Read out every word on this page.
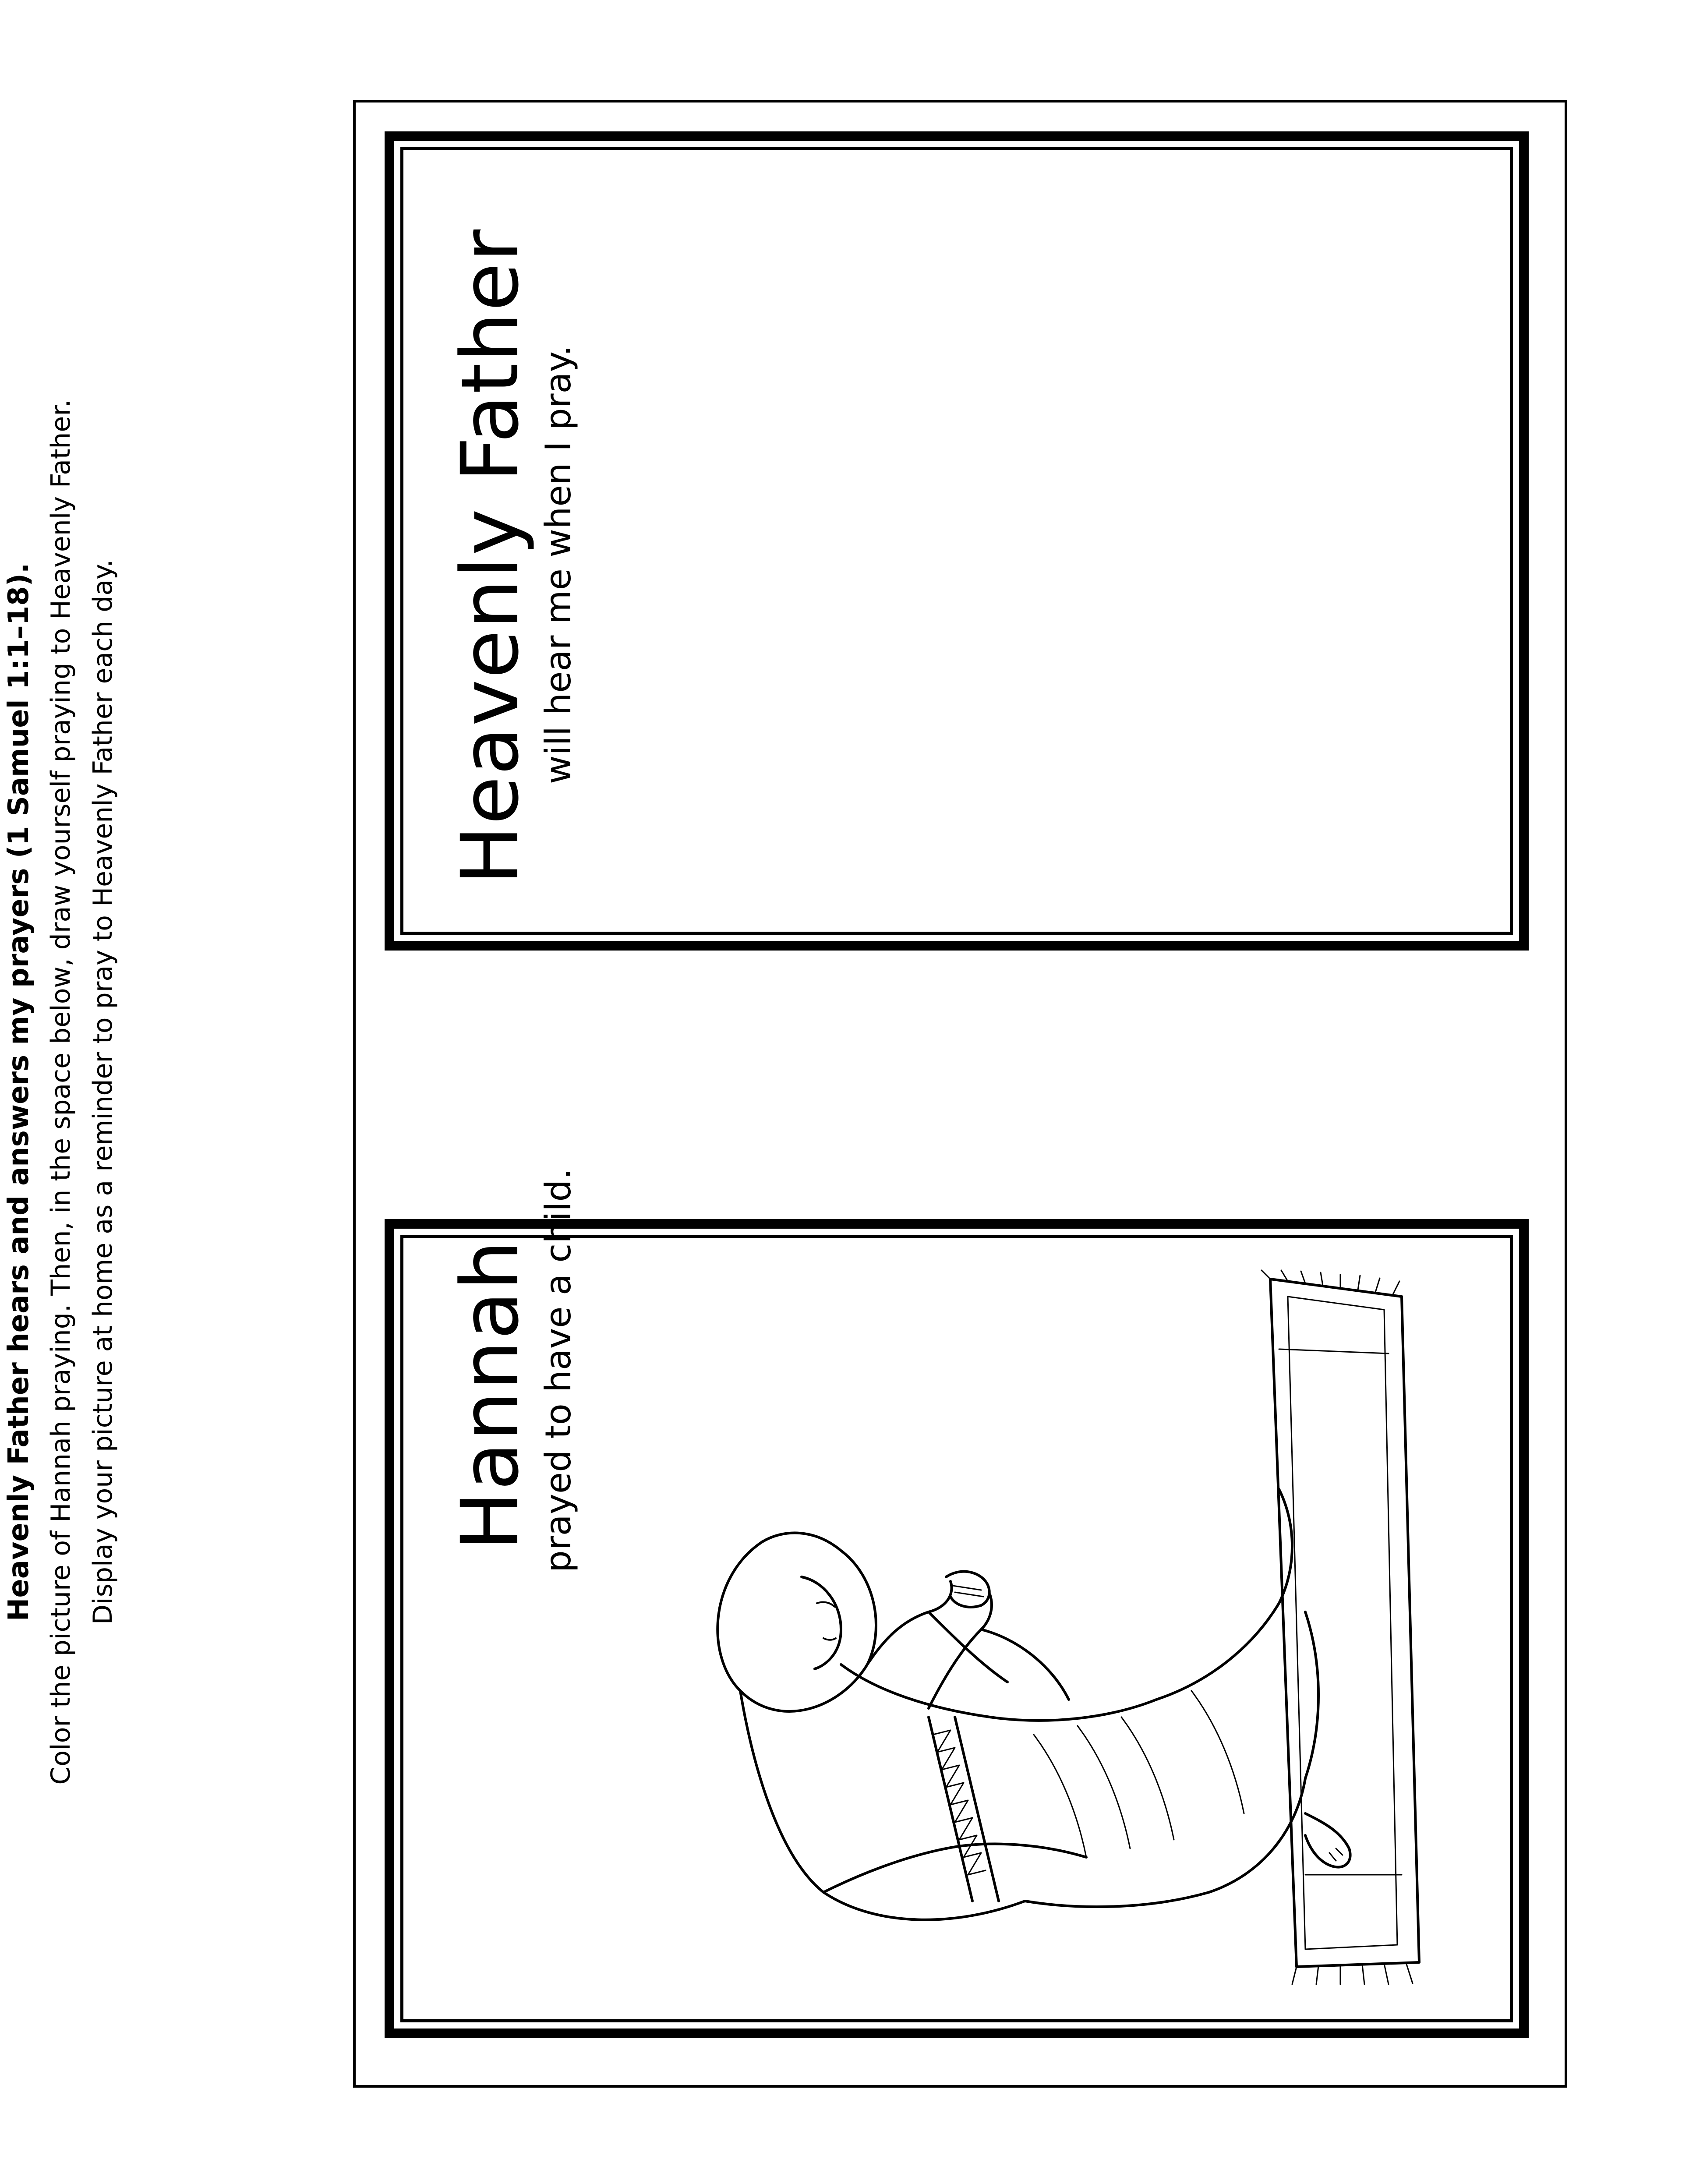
Heavenly Father hears and answers my prayers (1 Samuel 1:1–18). Color the picture of Hannah praying. Then, in the space below, draw yourself praying to Heavenly Father. Display your picture at home as a reminder to pray to Heavenly Father each day.
Heavenly Father will hear me when I pray.
Hannah prayed to have a child.
